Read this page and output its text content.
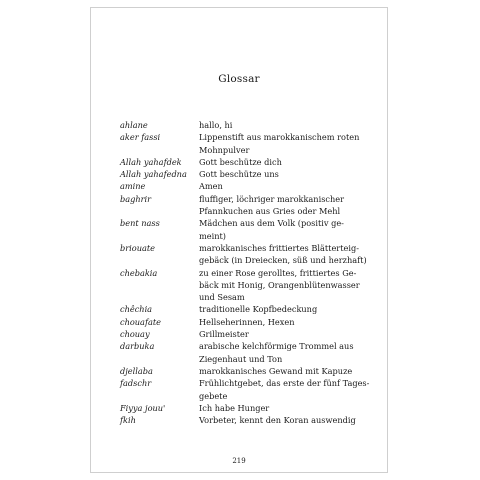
Glossar
ahlane	hallo, hi
aker fassi	Lippenstift aus marokkanischem roten
Mohnpulver
Allah yahafdek	Gott beschütze dich
Allah yahafedna	Gott beschütze uns
amine	Amen
baghrir	fluffiger, löchriger marokkanischer
Pfannkuchen aus Gries oder Mehl
bent nass	Mädchen aus dem Volk (positiv ge-
meint)
briouate	marokkanisches frittiertes Blätterteig-
gebäck (in Dreiecken, süß und herzhaft)
chebakia	zu einer Rose gerolltes, frittiertes Ge-
bäck mit Honig, Orangenblütenwasser
und Sesam
chêchia	traditionelle Kopfbedeckung
chouafate	Hellseherinnen, Hexen
chouay	Grillmeister
darbuka	arabische kelchförmige Trommel aus
Ziegenhaut und Ton
djellaba	marokkanisches Gewand mit Kapuze
fadschr	Frühlichtgebet, das erste der fünf Tages-
gebete
Fiyya jouu'	Ich habe Hunger
fkih	Vorbeter, kennt den Koran auswendig
219
